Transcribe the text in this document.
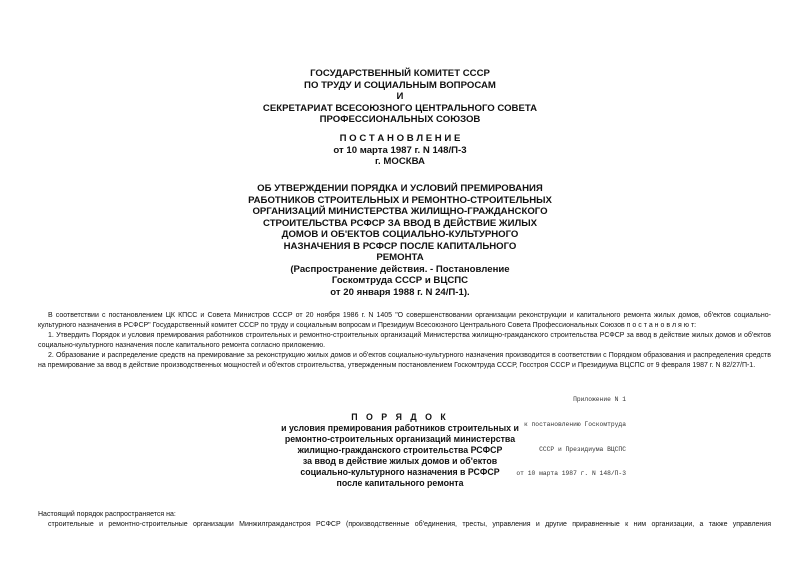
ГОСУДАРСТВЕННЫЙ КОМИТЕТ СССР
ПО ТРУДУ И СОЦИАЛЬНЫМ ВОПРОСАМ
И
СЕКРЕТАРИАТ ВСЕСОЮЗНОГО ЦЕНТРАЛЬНОГО СОВЕТА
ПРОФЕССИОНАЛЬНЫХ СОЮЗОВ
П О С Т А Н О В Л Е Н И Е
от 10 марта 1987 г. N 148/П-3
г. МОСКВА
ОБ УТВЕРЖДЕНИИ ПОРЯДКА И УСЛОВИЙ ПРЕМИРОВАНИЯ
РАБОТНИКОВ СТРОИТЕЛЬНЫХ И РЕМОНТНО-СТРОИТЕЛЬНЫХ
ОРГАНИЗАЦИЙ МИНИСТЕРСТВА ЖИЛИЩНО-ГРАЖДАНСКОГО
СТРОИТЕЛЬСТВА РСФСР ЗА ВВОД В ДЕЙСТВИЕ ЖИЛЫХ
ДОМОВ И ОБ'ЕКТОВ СОЦИАЛЬНО-КУЛЬТУРНОГО
НАЗНАЧЕНИЯ В РСФСР ПОСЛЕ КАПИТАЛЬНОГО
РЕМОНТА
(Распространение действия. - Постановление
Госкомтруда СССР и ВЦСПС
от 20 января 1988 г. N 24/П-1).

В соответствии с постановлением ЦК КПСС и Совета Министров СССР от 20 ноября 1986 г. N 1405 "О совершенствовании организации реконструкции и капитального ремонта жилых домов, об'ектов социально-культурного назначения в РСФСР" Государственный комитет СССР по труду и социальным вопросам и Президиум Всесоюзного Центрального Совета Профессиональных Союзов п о с т а н о в л я ю т:

1. Утвердить Порядок и условия премирования работников строительных и ремонтно-строительных организаций Министерства жилищно-гражданского строительства РСФСР за ввод в действие жилых домов и об'ектов социально-культурного назначения после капитального ремонта согласно приложению.

2. Образование и распределение средств на премирование за реконструкцию жилых домов и об'ектов социально-культурного назначения производится в соответствии с Порядком образования и распределения средств на премирование за ввод в действие производственных мощностей и об'ектов строительства, утвержденным постановлением Госкомтруда СССР, Госстроя СССР и Президиума ВЦСПС от 9 февраля 1987 г. N 82/27/П-1.

Приложение N 1

к постановлению Госкомтруда

СССР и Президиума ВЦСПС

от 10 марта 1987 г. N 148/П-3

П О Р Я Д О К
и условия премирования работников строительных и
ремонтно-строительных организаций министерства
жилищно-гражданского строительства РСФСР
за ввод в действие жилых домов и об'ектов
социально-культурного назначения в РСФСР
после капитального ремонта

Настоящий порядок распространяется на:

строительные и ремонтно-строительные организации Минжилгражданстроя РСФСР (производственные об'единения, тресты, управления и другие приравненные к ним организации, а также управления
